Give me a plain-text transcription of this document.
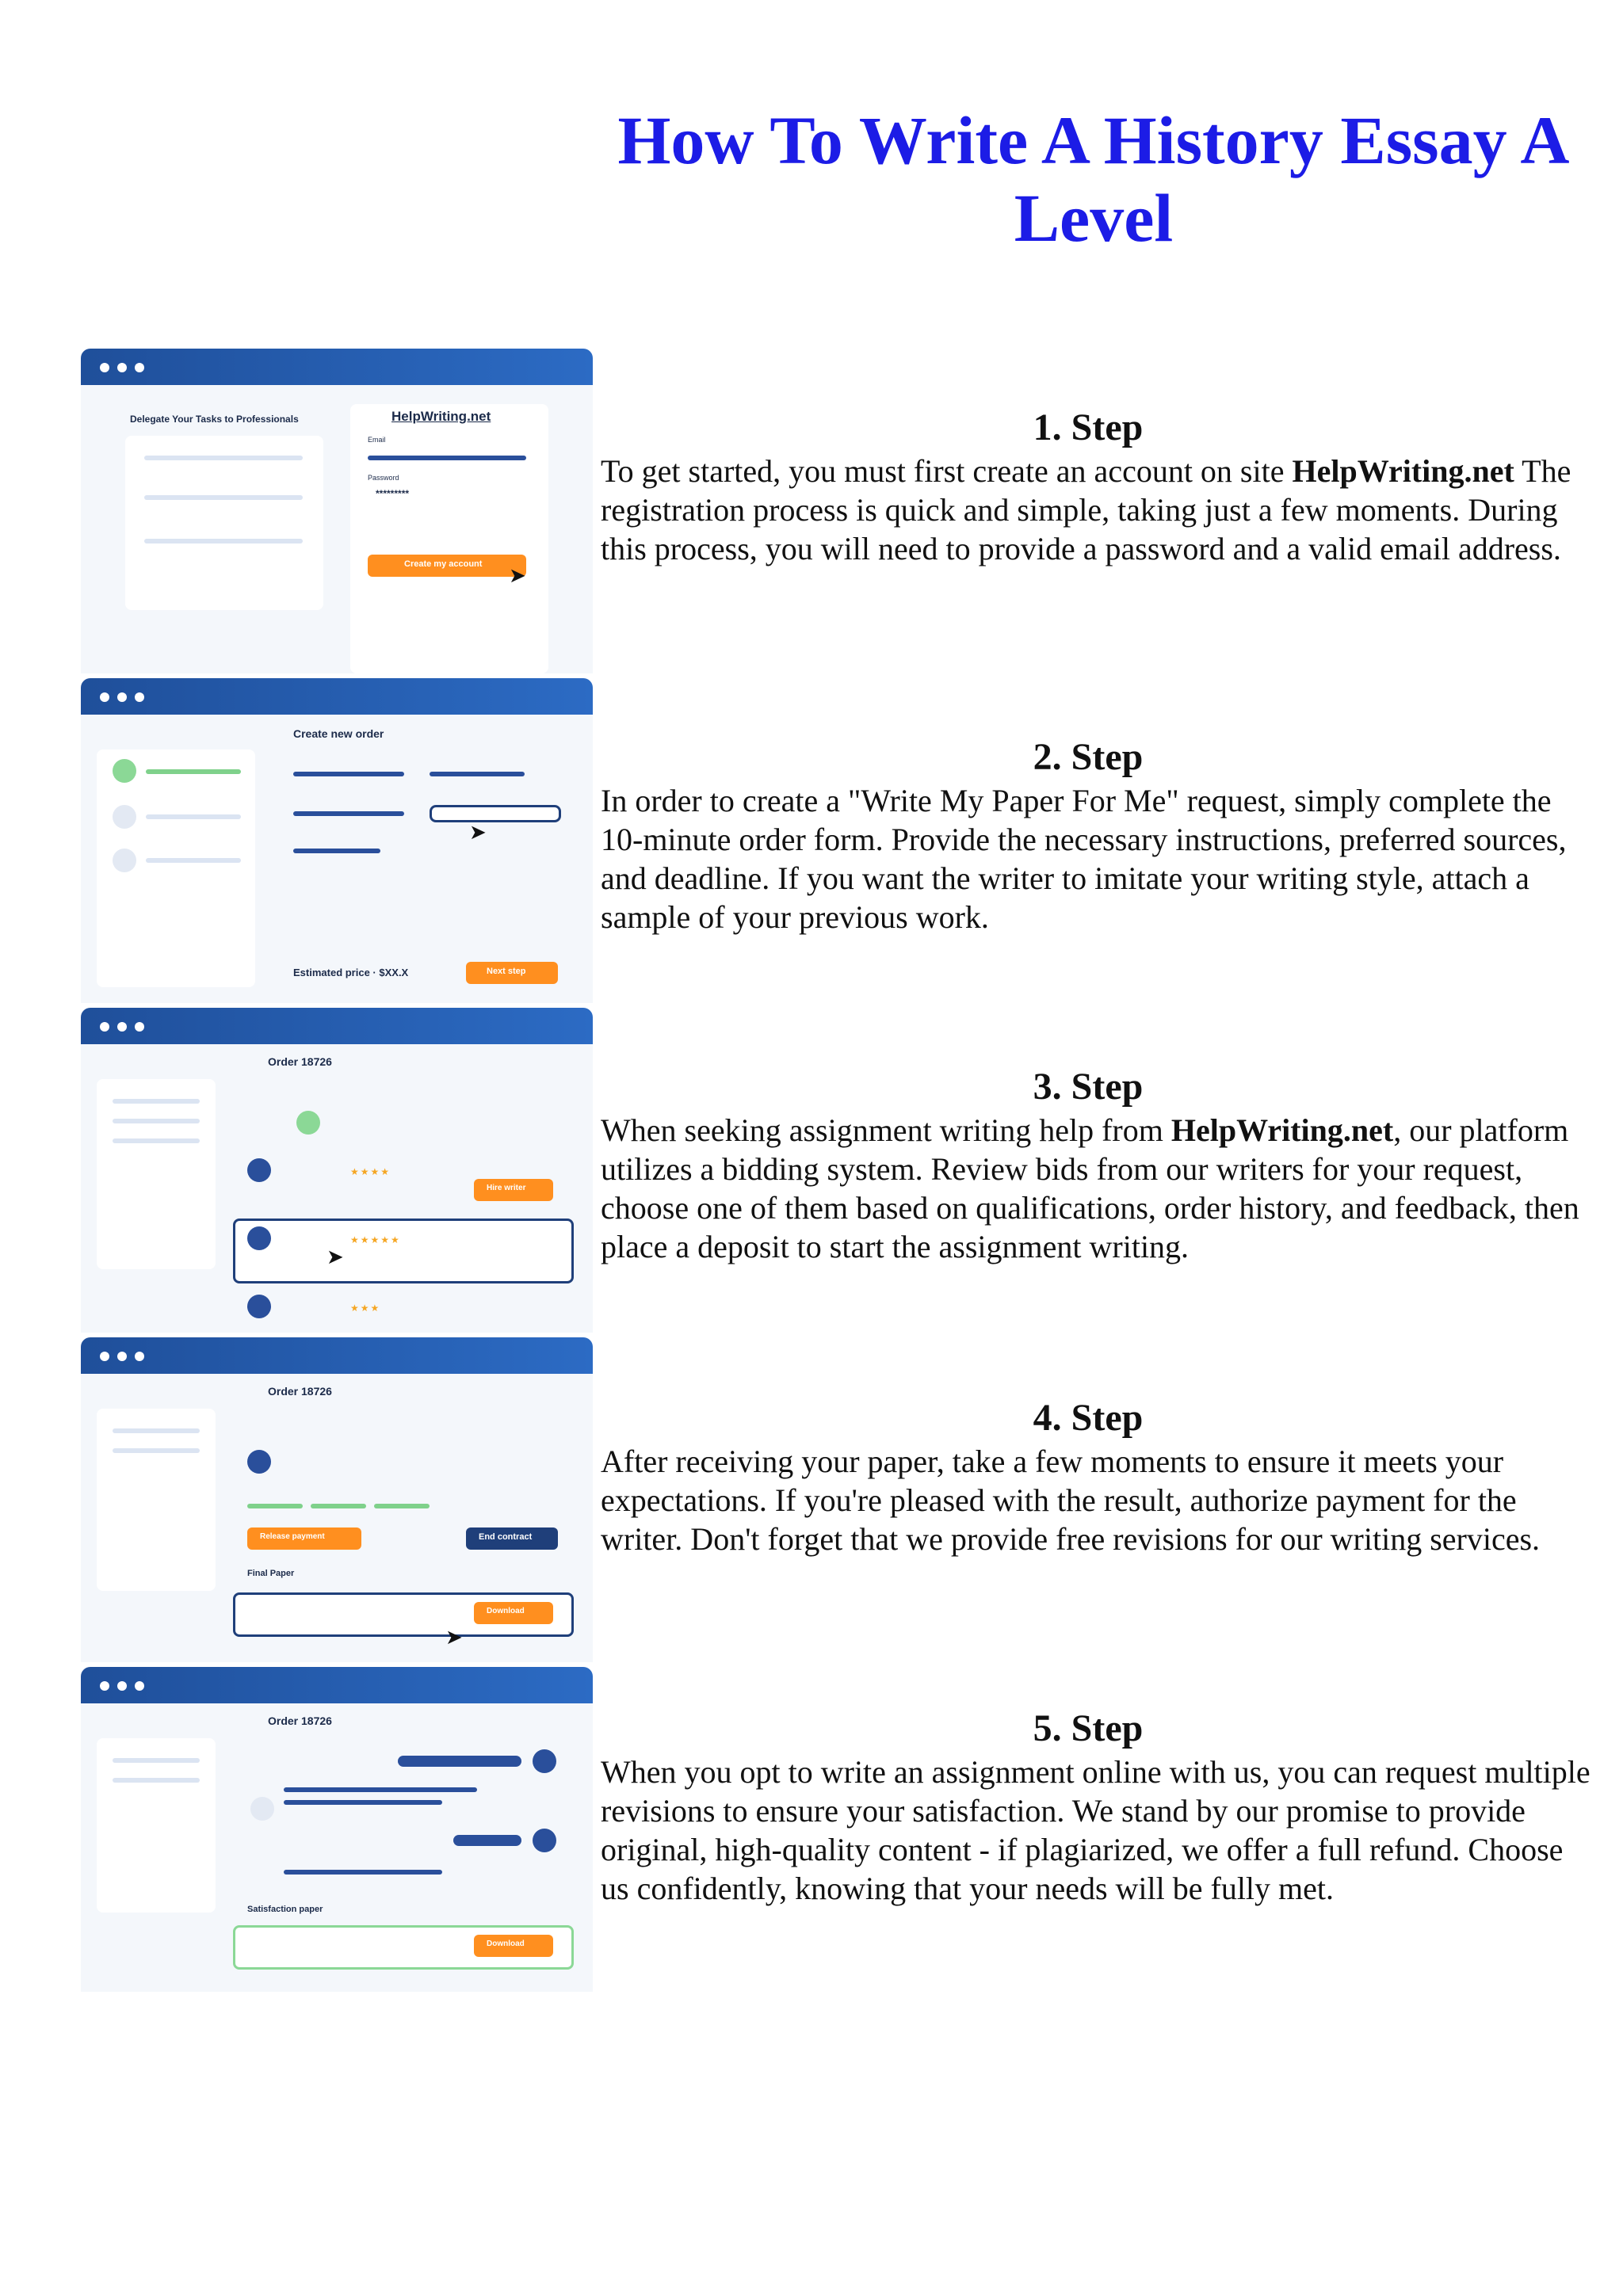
How To Write A History Essay A Level
Delegate Your Tasks to Professionals	HelpWriting.net
Email
Password
*********
Create my account ➤
Create new order
➤
Estimated price · $XX.X	Next step
Order 18726
★★★★
Hire writer
★★★★★
➤
★★★
Order 18726
Release payment	End contract
Final Paper
Download
➤
Order 18726
Satisfaction paper
Download
1. Step

To get started, you must first create an account on site HelpWriting.net The registration process is quick and simple, taking just a few moments. During this process, you will need to provide a password and a valid email address.

2. Step

In order to create a "Write My Paper For Me" request, simply complete the 10-minute order form. Provide the necessary instructions, preferred sources, and deadline. If you want the writer to imitate your writing style, attach a sample of your previous work.

3. Step

When seeking assignment writing help from HelpWriting.net, our platform utilizes a bidding system. Review bids from our writers for your request, choose one of them based on qualifications, order history, and feedback, then place a deposit to start the assignment writing.

4. Step

After receiving your paper, take a few moments to ensure it meets your expectations. If you're pleased with the result, authorize payment for the writer. Don't forget that we provide free revisions for our writing services.

5. Step

When you opt to write an assignment online with us, you can request multiple revisions to ensure your satisfaction. We stand by our promise to provide original, high-quality content - if plagiarized, we offer a full refund. Choose us confidently, knowing that your needs will be fully met.
